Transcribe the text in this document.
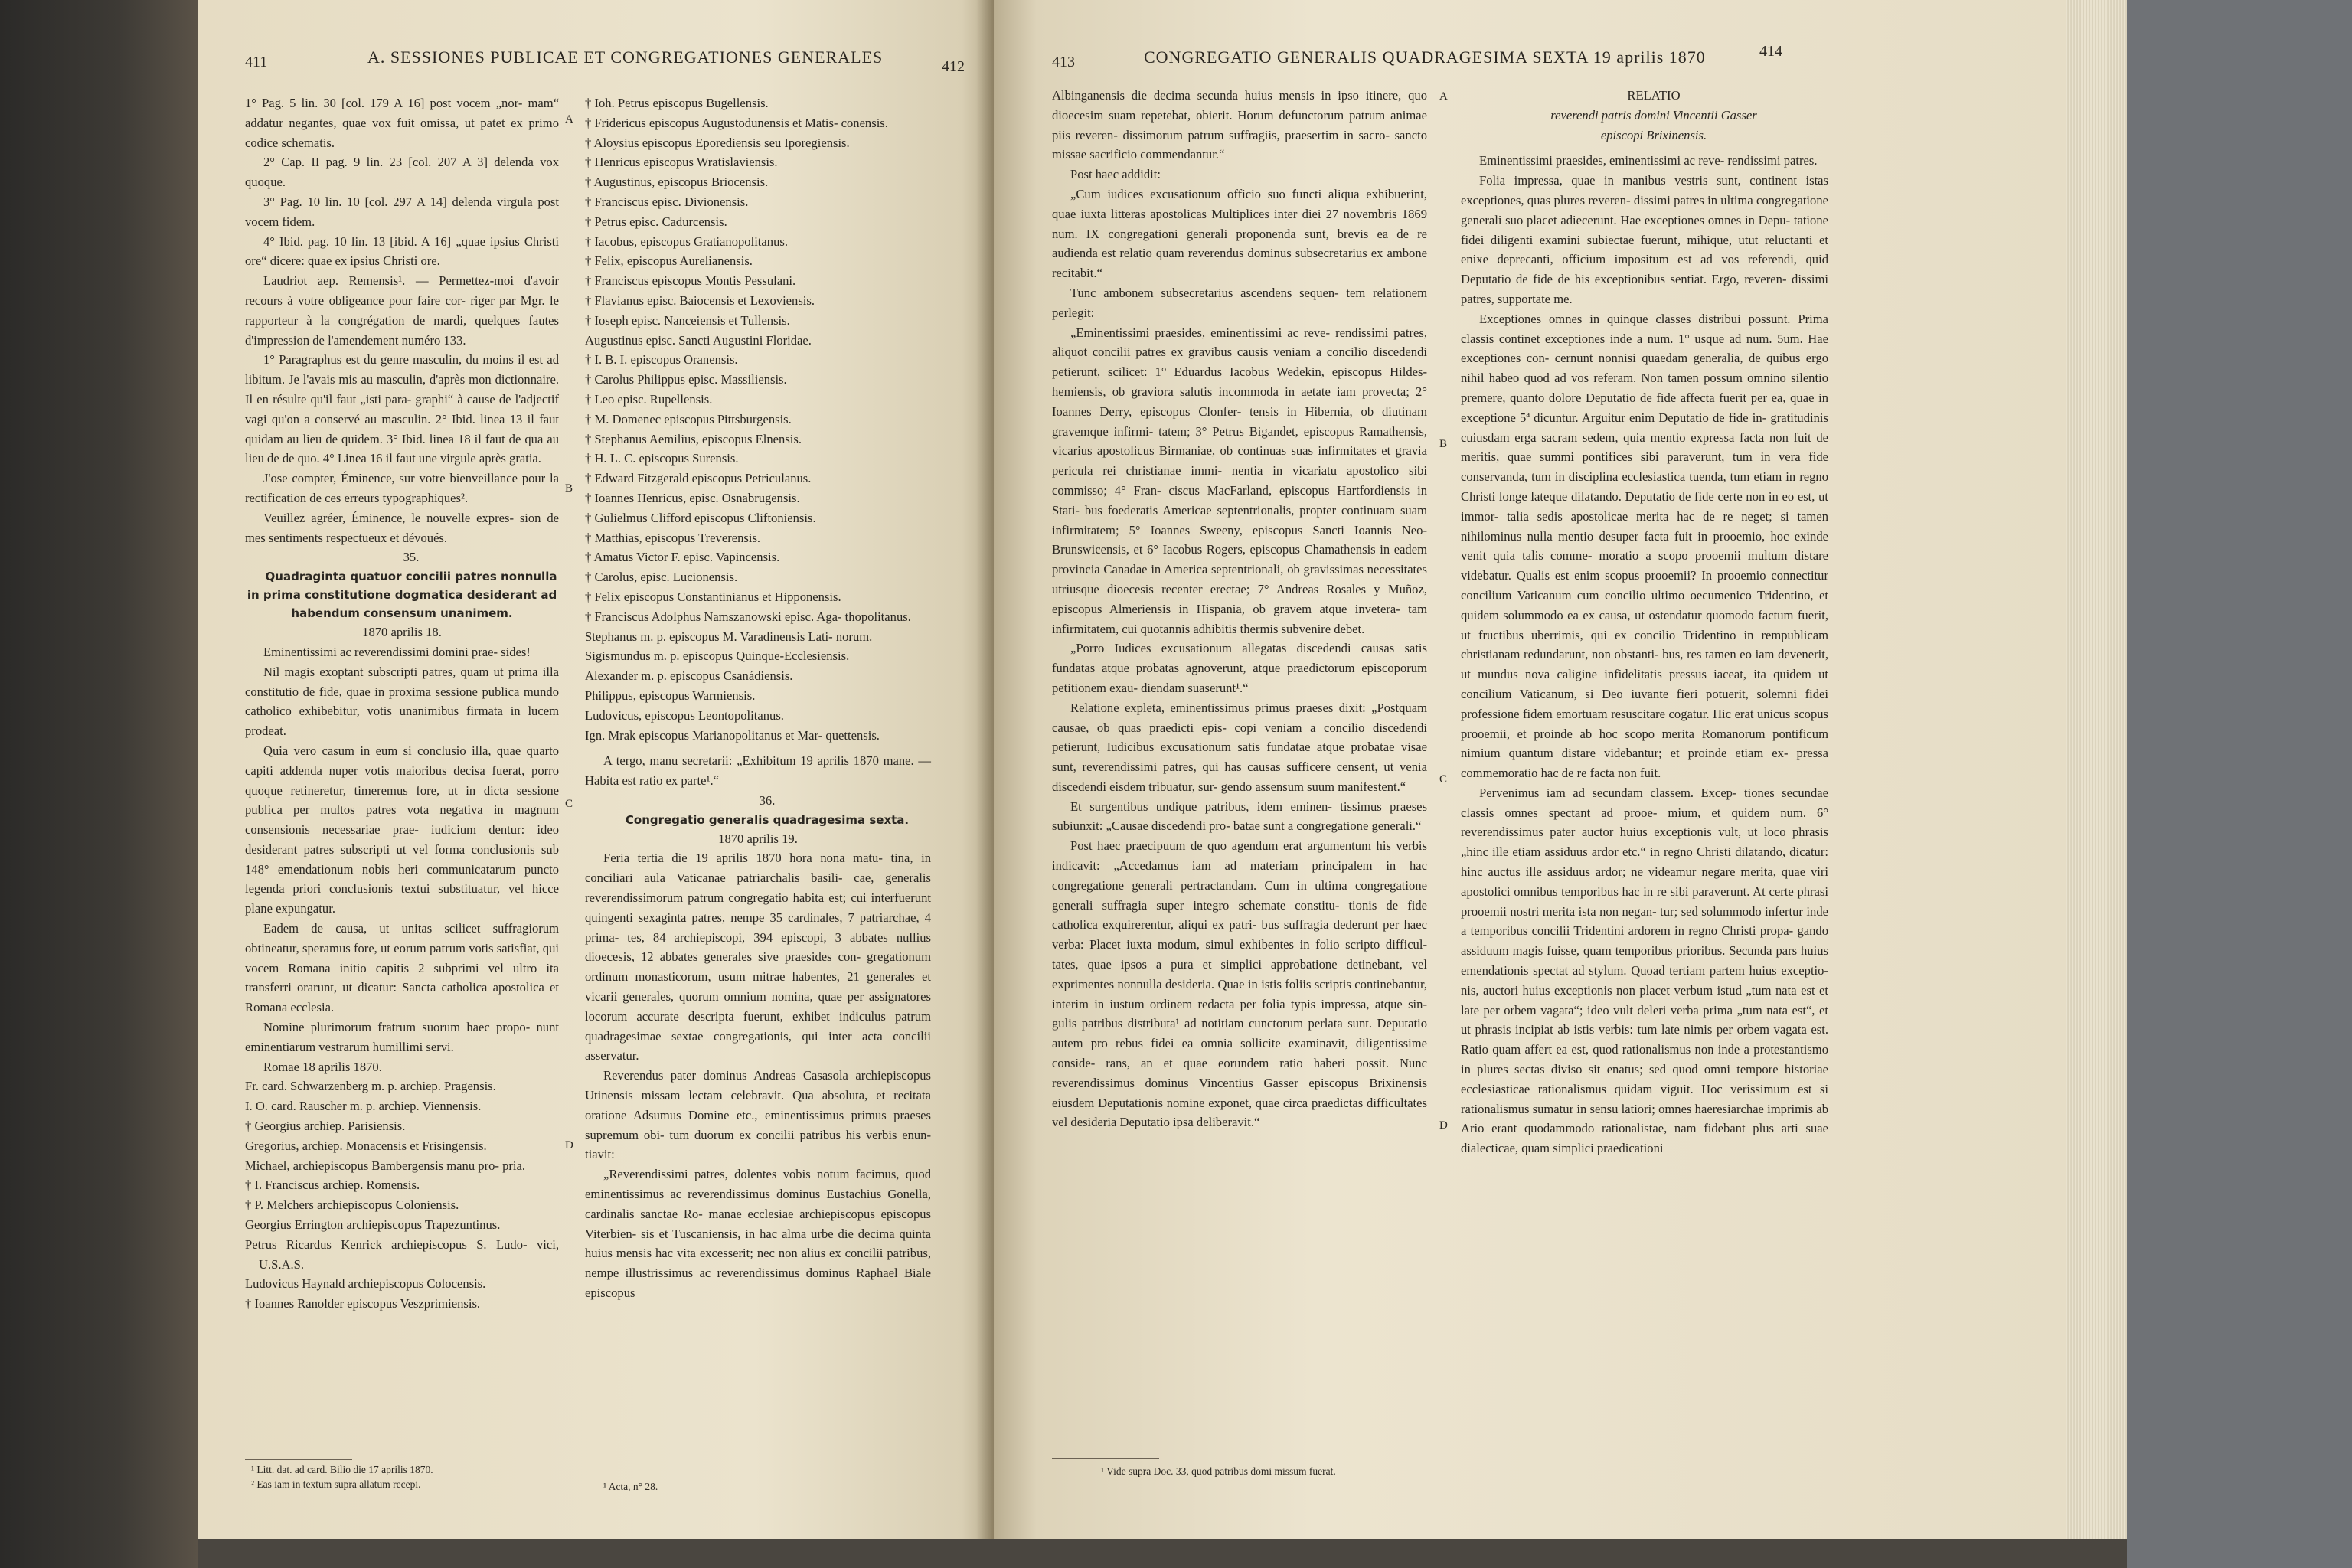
411	A. SESSIONES PUBLICAE ET CONGREGATIONES GENERALES	412

1° Pag. 5 lin. 30 [col. 179 A 16] post vocem „nor- mam“ addatur negantes, quae vox fuit omissa, ut patet ex primo codice schematis.

2° Cap. II pag. 9 lin. 23 [col. 207 A 3] delenda vox quoque.

3° Pag. 10 lin. 10 [col. 297 A 14] delenda virgula post vocem fidem.

4° Ibid. pag. 10 lin. 13 [ibid. A 16] „quae ipsius Christi ore“ dicere: quae ex ipsius Christi ore.

Laudriot aep. Remensis¹. — Permettez-moi d'avoir recours à votre obligeance pour faire cor- riger par Mgr. le rapporteur à la congrégation de mardi, quelques fautes d'impression de l'amendement numéro 133.

1° Paragraphus est du genre masculin, du moins il est ad libitum. Je l'avais mis au masculin, d'après mon dictionnaire. Il en résulte qu'il faut „isti para- graphi“ à cause de l'adjectif vagi qu'on a conservé au masculin. 2° Ibid. linea 13 il faut quidam au lieu de quidem. 3° Ibid. linea 18 il faut de qua au lieu de de quo. 4° Linea 16 il faut une virgule après gratia.

J'ose compter, Éminence, sur votre bienveillance pour la rectification de ces erreurs typographiques².

Veuillez agréer, Éminence, le nouvelle expres- sion de mes sentiments respectueux et dévoués.

35.

Quadraginta quatuor concilii patres nonnulla in prima constitutione dogmatica desiderant ad habendum consensum unanimem.

1870 aprilis 18.

Eminentissimi ac reverendissimi domini prae- sides!

Nil magis exoptant subscripti patres, quam ut prima illa constitutio de fide, quae in proxima sessione publica mundo catholico exhibebitur, votis unanimibus firmata in lucem prodeat.

Quia vero casum in eum si conclusio illa, quae quarto capiti addenda nuper votis maioribus decisa fuerat, porro quoque retineretur, timeremus fore, ut in dicta sessione publica per multos patres vota negativa in magnum consensionis necessariae prae- iudicium dentur: ideo desiderant patres subscripti ut vel forma conclusionis sub 148° emendationum nobis heri communicatarum puncto legenda priori conclusionis textui substituatur, vel hicce plane expungatur.

Eadem de causa, ut unitas scilicet suffragiorum obtineatur, speramus fore, ut eorum patrum votis satisfiat, qui vocem Romana initio capitis 2 subprimi vel ultro ita transferri orarunt, ut dicatur: Sancta catholica apostolica et Romana ecclesia.

Nomine plurimorum fratrum suorum haec propo- nunt eminentiarum vestrarum humillimi servi.

Romae 18 aprilis 1870.

Fr. card. Schwarzenberg m. p. archiep. Pragensis.

I. O. card. Rauscher m. p. archiep. Viennensis.

† Georgius archiep. Parisiensis.

Gregorius, archiep. Monacensis et Frisingensis.

Michael, archiepiscopus Bambergensis manu pro- pria.

† I. Franciscus archiep. Romensis.

† P. Melchers archiepiscopus Coloniensis.

Georgius Errington archiepiscopus Trapezuntinus.

Petrus Ricardus Kenrick archiepiscopus S. Ludo- vici, U.S.A.S.

Ludovicus Haynald archiepiscopus Colocensis.

† Ioannes Ranolder episcopus Veszprimiensis.

¹ Litt. dat. ad card. Bilio die 17 aprilis 1870.
² Eas iam in textum supra allatum recepi.

† Ioh. Petrus episcopus Bugellensis.

† Fridericus episcopus Augustodunensis et Matis- conensis.

† Aloysius episcopus Eporediensis seu Iporegiensis.

† Henricus episcopus Wratislaviensis.

† Augustinus, episcopus Briocensis.

† Franciscus episc. Divionensis.

† Petrus episc. Cadurcensis.

† Iacobus, episcopus Gratianopolitanus.

† Felix, episcopus Aurelianensis.

† Franciscus episcopus Montis Pessulani.

† Flavianus episc. Baiocensis et Lexoviensis.

† Ioseph episc. Nanceiensis et Tullensis.

Augustinus episc. Sancti Augustini Floridae.

† I. B. I. episcopus Oranensis.

† Carolus Philippus episc. Massiliensis.

† Leo episc. Rupellensis.

† M. Domenec episcopus Pittsburgensis.

† Stephanus Aemilius, episcopus Elnensis.

† H. L. C. episcopus Surensis.

† Edward Fitzgerald episcopus Petriculanus.

† Ioannes Henricus, episc. Osnabrugensis.

† Gulielmus Clifford episcopus Cliftoniensis.

† Matthias, episcopus Treverensis.

† Amatus Victor F. episc. Vapincensis.

† Carolus, episc. Lucionensis.

† Felix episcopus Constantinianus et Hipponensis.

† Franciscus Adolphus Namszanowski episc. Aga- thopolitanus.

Stephanus m. p. episcopus M. Varadinensis Lati- norum.

Sigismundus m. p. episcopus Quinque-Ecclesiensis.

Alexander m. p. episcopus Csanádiensis.

Philippus, episcopus Warmiensis.

Ludovicus, episcopus Leontopolitanus.

Ign. Mrak episcopus Marianopolitanus et Mar- quettensis.

A tergo, manu secretarii: „Exhibitum 19 aprilis 1870 mane. — Habita est ratio ex parte¹.“

36.

Congregatio generalis quadragesima sexta.

1870 aprilis 19.

Feria tertia die 19 aprilis 1870 hora nona matu- tina, in conciliari aula Vaticanae patriarchalis basili- cae, generalis reverendissimorum patrum congregatio habita est; cui interfuerunt quingenti sexaginta patres, nempe 35 cardinales, 7 patriarchae, 4 prima- tes, 84 archiepiscopi, 394 episcopi, 3 abbates nullius dioecesis, 12 abbates generales sive praesides con- gregationum ordinum monasticorum, usum mitrae habentes, 21 generales et vicarii generales, quorum omnium nomina, quae per assignatores locorum accurate descripta fuerunt, exhibet indiculus patrum quadragesimae sextae congregationis, qui inter acta concilii asservatur.

Reverendus pater dominus Andreas Casasola archiepiscopus Utinensis missam lectam celebravit. Qua absoluta, et recitata oratione Adsumus Domine etc., eminentissimus primus praeses supremum obi- tum duorum ex concilii patribus his verbis enun- tiavit:

„Reverendissimi patres, dolentes vobis notum facimus, quod eminentissimus ac reverendissimus dominus Eustachius Gonella, cardinalis sanctae Ro- manae ecclesiae archiepiscopus episcopus Viterbien- sis et Tuscaniensis, in hac alma urbe die decima quinta huius mensis hac vita excesserit; nec non alius ex concilii patribus, nempe illustrissimus ac reverendissimus dominus Raphael Biale episcopus

¹ Acta, n° 28.
A
B
C
D
413	CONGREGATIO GENERALIS QUADRAGESIMA SEXTA 19 aprilis 1870	414

Albinganensis die decima secunda huius mensis in ipso itinere, quo dioecesim suam repetebat, obierit. Horum defunctorum patrum animae piis reveren- dissimorum patrum suffragiis, praesertim in sacro- sancto missae sacrificio commendantur.“

Post haec addidit:

„Cum iudices excusationum officio suo functi aliqua exhibuerint, quae iuxta litteras apostolicas Multiplices inter diei 27 novembris 1869 num. IX congregationi generali proponenda sunt, brevis ea de re audienda est relatio quam reverendus dominus subsecretarius ex ambone recitabit.“

Tunc ambonem subsecretarius ascendens sequen- tem relationem perlegit:

„Eminentissimi praesides, eminentissimi ac reve- rendissimi patres, aliquot concilii patres ex gravibus causis veniam a concilio discedendi petierunt, scilicet: 1° Eduardus Iacobus Wedekin, episcopus Hildes- hemiensis, ob graviora salutis incommoda in aetate iam provecta; 2° Ioannes Derry, episcopus Clonfer- tensis in Hibernia, ob diutinam gravemque infirmi- tatem; 3° Petrus Bigandet, episcopus Ramathensis, vicarius apostolicus Birmaniae, ob continuas suas infirmitates et gravia pericula rei christianae immi- nentia in vicariatu apostolico sibi commisso; 4° Fran- ciscus MacFarland, episcopus Hartfordiensis in Stati- bus foederatis Americae septentrionalis, propter continuam suam infirmitatem; 5° Ioannes Sweeny, episcopus Sancti Ioannis Neo-Brunswicensis, et 6° Iacobus Rogers, episcopus Chamathensis in eadem provincia Canadae in America septentrionali, ob gravissimas necessitates utriusque dioecesis recenter erectae; 7° Andreas Rosales y Muñoz, episcopus Almeriensis in Hispania, ob gravem atque invetera- tam infirmitatem, cui quotannis adhibitis thermis subvenire debet.

„Porro Iudices excusationum allegatas discedendi causas satis fundatas atque probatas agnoverunt, atque praedictorum episcoporum petitionem exau- diendam suaserunt¹.“

Relatione expleta, eminentissimus primus praeses dixit: „Postquam causae, ob quas praedicti epis- copi veniam a concilio discedendi petierunt, Iudicibus excusationum satis fundatae atque probatae visae sunt, reverendissimi patres, qui has causas sufficere censent, ut venia discedendi eisdem tribuatur, sur- gendo assensum suum manifestent.“

Et surgentibus undique patribus, idem eminen- tissimus praeses subiunxit: „Causae discedendi pro- batae sunt a congregatione generali.“

Post haec praecipuum de quo agendum erat argumentum his verbis indicavit: „Accedamus iam ad materiam principalem in hac congregatione generali pertractandam. Cum in ultima congregatione generali suffragia super integro schemate constitu- tionis de fide catholica exquirerentur, aliqui ex patri- bus suffragia dederunt per haec verba: Placet iuxta modum, simul exhibentes in folio scripto difficul- tates, quae ipsos a pura et simplici approbatione detinebant, vel exprimentes nonnulla desideria. Quae in istis foliis scriptis continebantur, interim in iustum ordinem redacta per folia typis impressa, atque sin- gulis patribus distributa¹ ad notitiam cunctorum perlata sunt. Deputatio autem pro rebus fidei ea omnia sollicite examinavit, diligentissime conside- rans, an et quae eorundem ratio haberi possit. Nunc reverendissimus dominus Vincentius Gasser episcopus Brixinensis eiusdem Deputationis nomine exponet, quae circa praedictas difficultates vel desideria Deputatio ipsa deliberavit.“

¹ Vide supra Doc. 33, quod patribus domi missum fuerat.

RELATIO

reverendi patris domini Vincentii Gasser

episcopi Brixinensis.

Eminentissimi praesides, eminentissimi ac reve- rendissimi patres.

Folia impressa, quae in manibus vestris sunt, continent istas exceptiones, quas plures reveren- dissimi patres in ultima congregatione generali suo placet adiecerunt. Hae exceptiones omnes in Depu- tatione fidei diligenti examini subiectae fuerunt, mihique, utut reluctanti et enixe deprecanti, officium impositum est ad vos referendi, quid Deputatio de fide de his exceptionibus sentiat. Ergo, reveren- dissimi patres, supportate me.

Exceptiones omnes in quinque classes distribui possunt. Prima classis continet exceptiones inde a num. 1° usque ad num. 5um. Hae exceptiones con- cernunt nonnisi quaedam generalia, de quibus ergo nihil habeo quod ad vos referam. Non tamen possum omnino silentio premere, quanto dolore Deputatio de fide affecta fuerit per ea, quae in exceptione 5ª dicuntur. Arguitur enim Deputatio de fide in- gratitudinis cuiusdam erga sacram sedem, quia mentio expressa facta non fuit de meritis, quae summi pontifices sibi paraverunt, tum in vera fide conservanda, tum in disciplina ecclesiastica tuenda, tum etiam in regno Christi longe lateque dilatando. Deputatio de fide certe non in eo est, ut immor- talia sedis apostolicae merita hac de re neget; si tamen nihilominus nulla mentio desuper facta fuit in prooemio, hoc exinde venit quia talis comme- moratio a scopo prooemii multum distare videbatur. Qualis est enim scopus prooemii? In prooemio connectitur concilium Vaticanum cum concilio ultimo oecumenico Tridentino, et quidem solummodo ea ex causa, ut ostendatur quomodo factum fuerit, ut fructibus uberrimis, qui ex concilio Tridentino in rempublicam christianam redundarunt, non obstanti- bus, res tamen eo iam devenerit, ut mundus nova caligine infidelitatis pressus iaceat, ita quidem ut concilium Vaticanum, si Deo iuvante fieri potuerit, solemni fidei professione fidem emortuam resuscitare cogatur. Hic erat unicus scopus prooemii, et proinde ab hoc scopo merita Romanorum pontificum nimium quantum distare videbantur; et proinde etiam ex- pressa commemoratio hac de re facta non fuit.

Pervenimus iam ad secundam classem. Excep- tiones secundae classis omnes spectant ad prooe- mium, et quidem num. 6° reverendissimus pater auctor huius exceptionis vult, ut loco phrasis „hinc ille etiam assiduus ardor etc.“ in regno Christi dilatando, dicatur: hinc auctus ille assiduus ardor; ne videamur negare merita, quae viri apostolici omnibus temporibus hac in re sibi paraverunt. At certe phrasi prooemii nostri merita ista non negan- tur; sed solummodo infertur inde a temporibus concilii Tridentini ardorem in regno Christi propa- gando assiduum magis fuisse, quam temporibus prioribus. Secunda pars huius emendationis spectat ad stylum. Quoad tertiam partem huius exceptio- nis, auctori huius exceptionis non placet verbum istud „tum nata est et late per orbem vagata“; ideo vult deleri verba prima „tum nata est“, et ut phrasis incipiat ab istis verbis: tum late nimis per orbem vagata est. Ratio quam affert ea est, quod rationalismus non inde a protestantismo in plures sectas diviso sit enatus; sed quod omni tempore historiae ecclesiasticae rationalismus quidam viguit. Hoc verissimum est si rationalismus sumatur in sensu latiori; omnes haeresiarchae imprimis ab Ario erant quodammodo rationalistae, nam fidebant plus arti suae dialecticae, quam simplici praedicationi

A
B
C
D
